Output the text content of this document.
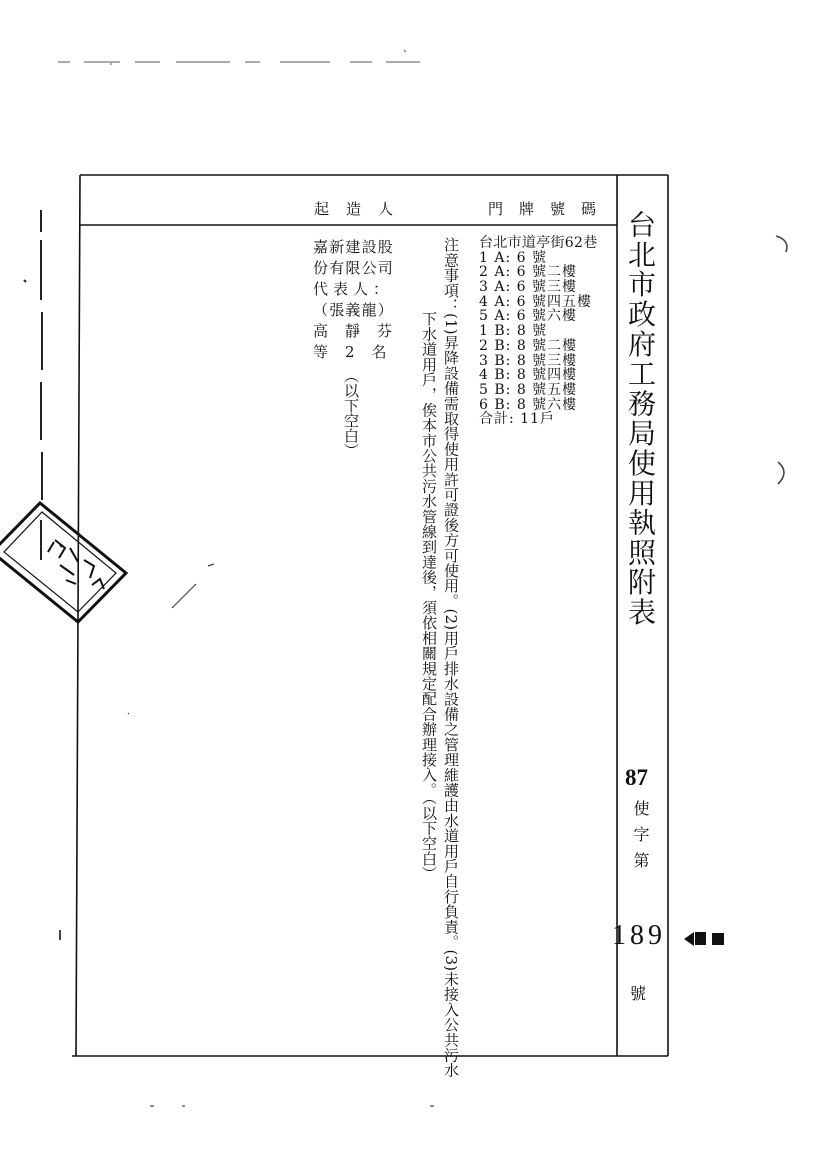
台北市政府工務局使用執照附表
87
使字第
189
號
起造人	門牌號碼
台北市道亭街62巷
1 A: 6 號
2 A: 6 號二樓
3 A: 6 號三樓
4 A: 6 號四五樓
5 A: 6 號六樓
1 B: 8 號
2 B: 8 號二樓
3 B: 8 號三樓
4 B: 8 號四樓
5 B: 8 號五樓
6 B: 8 號六樓
合計: 11戶
注意事項：(1)昇降設備需取得使用許可證後方可使用。(2)用戶排水設備之管理維護由水道用戶自行負責。(3)未接入公共污水
下水道用戶，俟本市公共污水管線到達後，須依相關規定配合辦理接入。（以下空白）
嘉新建設股
份有限公司
代表人：
（張義龍）
高靜芬
等2名
（以下空白）
